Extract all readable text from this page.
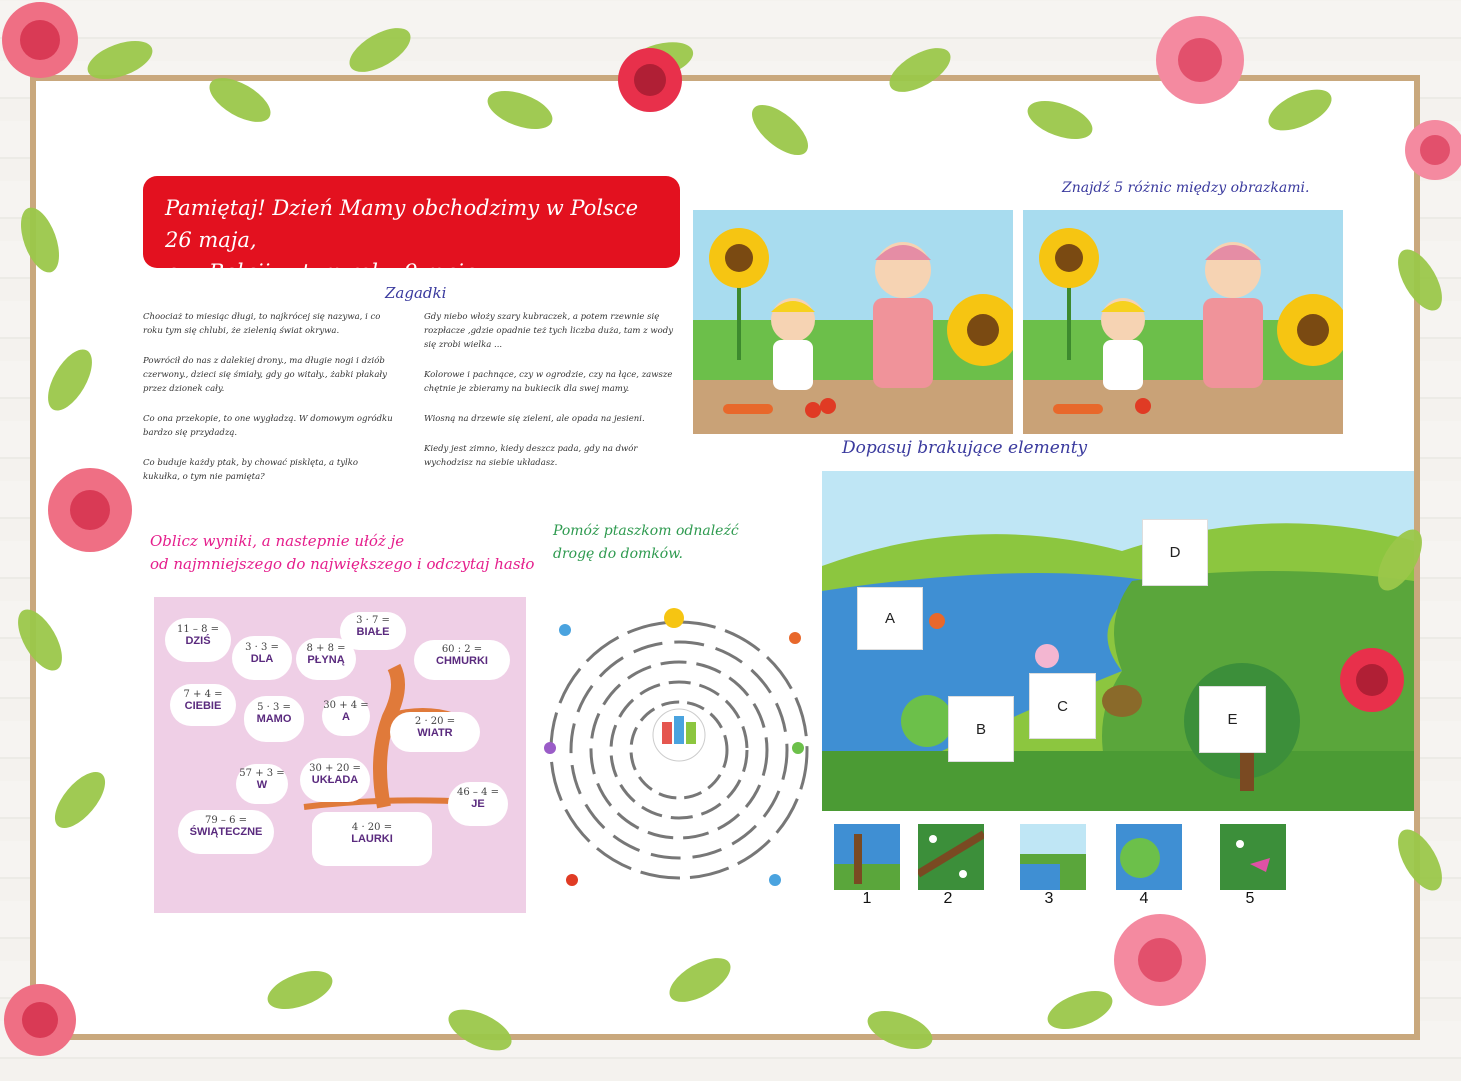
Pamiętaj! Dzień Mamy obchodzimy w Polsce 26 maja,
a w Belgii w tym roku 9 maja.
Zagadki

Choociaż to miesiąc długi, to najkrócej się nazywa, i co roku tym się chlubi, że zielenią świat okrywa.

Powrócił do nas z dalekiej drony., ma długie nogi i dziób czerwony., dzieci się śmiały, gdy go witały., żabki płakały przez dzionek cały.

Co ona przekopie, to one wygładzą. W domowym ogródku bardzo się przydadzą.

Co buduje każdy ptak, by chować pisklęta, a tylko kukułka, o tym nie pamięta?

Gdy niebo włoży szary kubraczek, a potem rzewnie się rozpłacze ,gdzie opadnie też tych liczba duża, tam z wody się zrobi wielka ...

Kolorowe i pachnące, czy w ogrodzie, czy na łące, zawsze chętnie je zbieramy na bukiecik dla swej mamy.

Wiosną na drzewie się zieleni, ale opada na jesieni.

Kiedy jest zimno, kiedy deszcz pada, gdy na dwór wychodzisz na siebie układasz.

Znajdź 5 różnic między obrazkami.
Dopasuj brakujące elementy
A
B
C
D
E
1	2	3	4	5
Oblicz wyniki, a nastepnie ułóż je
od najmniejszego do największego i odczytaj hasło
11 – 8 =
DZIŚ
3 · 3 =
DLA
8 + 8 =
PŁYNĄ
3 · 7 =
BIAŁE
60 : 2 =
CHMURKI
7 + 4 =
CIEBIE	5 · 3 =
MAMO
30 + 4 =
A	2 · 20 =
WIATR
57 + 3 =
W
30 + 20 =
UKŁADA
46 – 4 =
JE
79 – 6 =
ŚWIĄTECZNE	4 · 20 =
LAURKI
Pomóż ptaszkom odnaleźć
drogę do domków.
